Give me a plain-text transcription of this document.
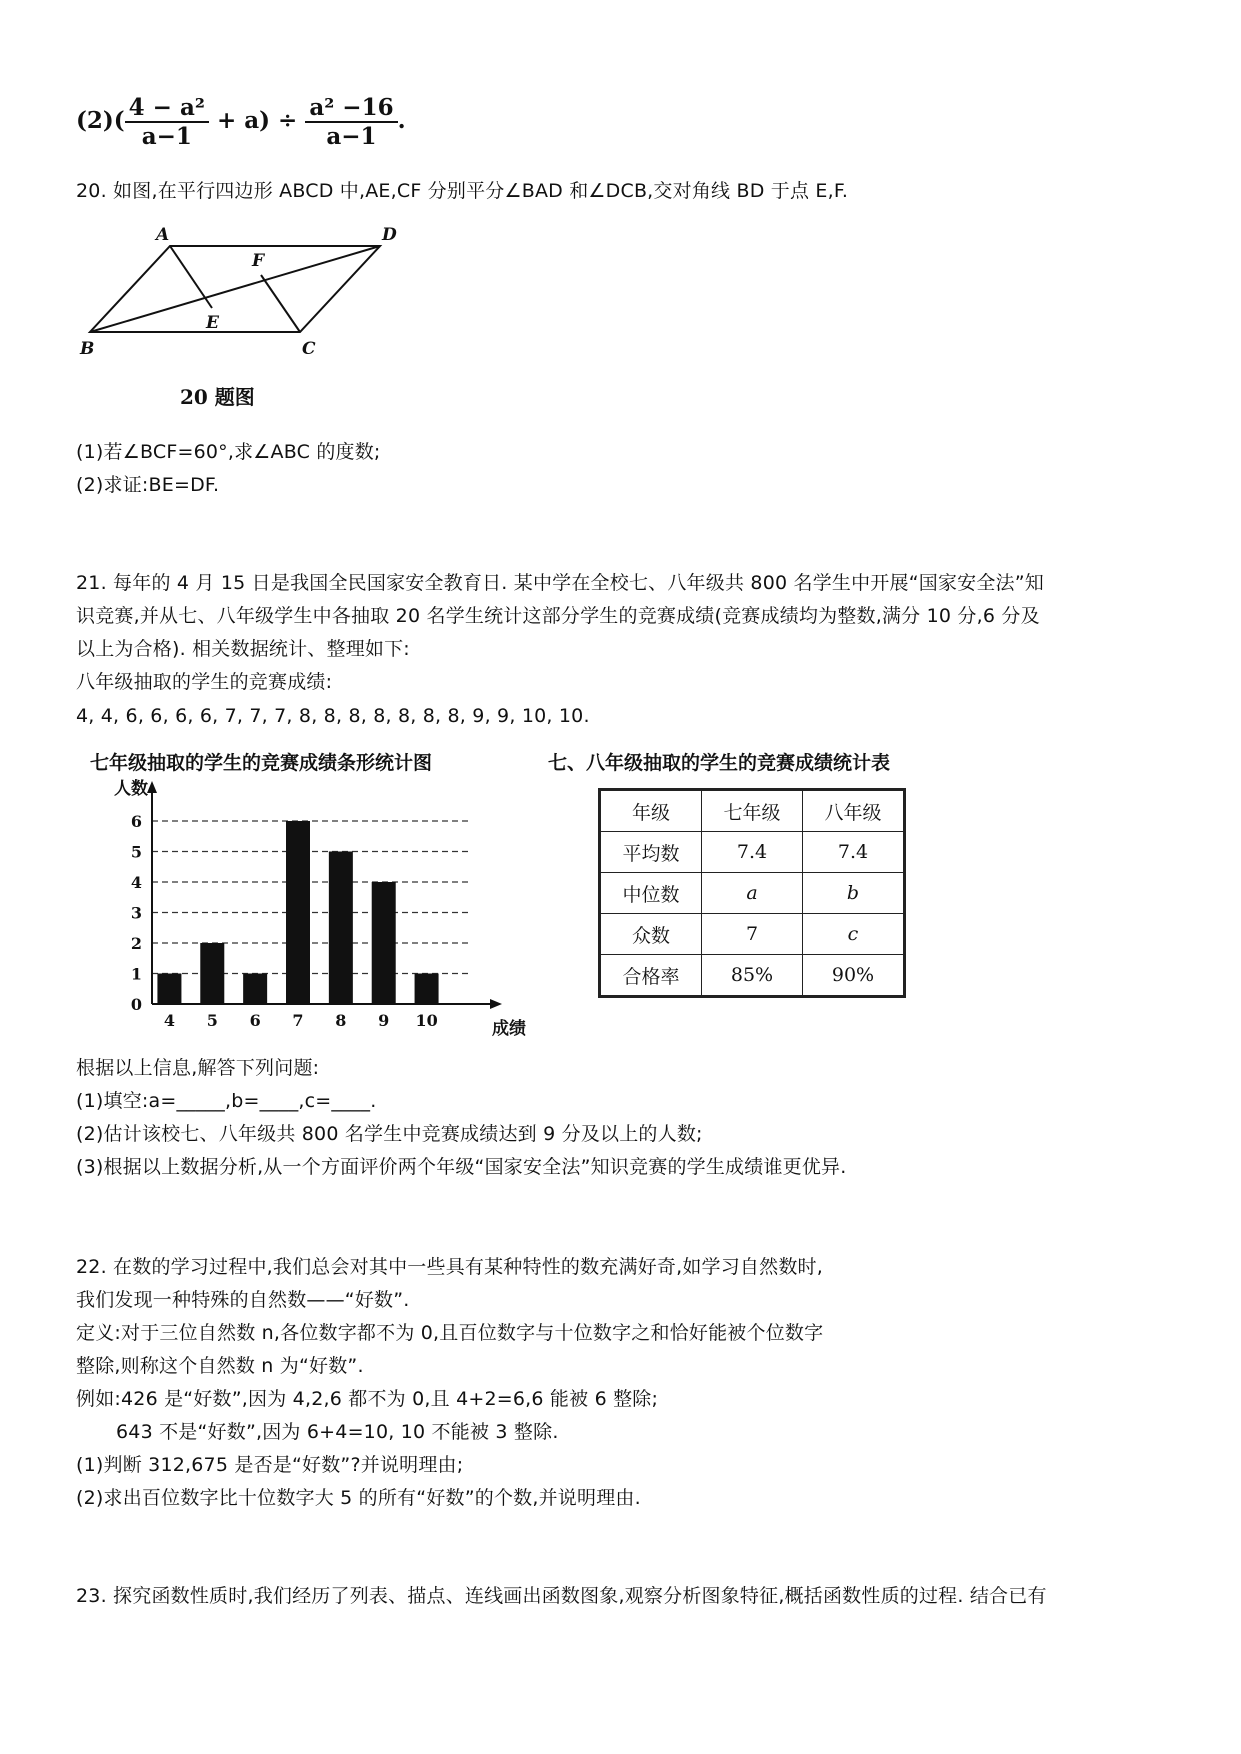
$(2)( \frac{\text{4 − a²}}{a-1} + a) \div \frac{\text{a² −16}}{a-1}$ .
20. 如图,在平行四边形 ABCD 中,AE,CF 分别平分∠BAD 和∠DCB,交对角线 BD 于点 E,F.
A	D
F
E
B	C
20 题图
(1)若∠BCF=60°,求∠ABC 的度数;
(2)求证:BE=DF.
21. 每年的 4 月 15 日是我国全民国家安全教育日. 某中学在全校七、八年级共 800 名学生中开展“国家安全法”知
识竞赛,并从七、八年级学生中各抽取 20 名学生统计这部分学生的竞赛成绩(竞赛成绩均为整数,满分 10 分,6 分及
以上为合格). 相关数据统计、整理如下:
八年级抽取的学生的竞赛成绩:
4, 4, 6, 6, 6, 6, 7, 7, 7, 8, 8, 8, 8, 8, 8, 8, 9, 9, 10, 10.
七年级抽取的学生的竞赛成绩条形统计图
0
1
2
3
4
5
6
4 5 6 7 8 9 10
人数
成绩
七、八年级抽取的学生的竞赛成绩统计表
年级	七年级	八年级
平均数	7.4	7.4
中位数	a	b
众数	7	c
合格率	85%	90%
根据以上信息,解答下列问题:
(1)填空:a=_____,b=____,c=____.
(2)估计该校七、八年级共 800 名学生中竞赛成绩达到 9 分及以上的人数;
(3)根据以上数据分析,从一个方面评价两个年级“国家安全法”知识竞赛的学生成绩谁更优异.
22. 在数的学习过程中,我们总会对其中一些具有某种特性的数充满好奇,如学习自然数时,
我们发现一种特殊的自然数——“好数”.
定义:对于三位自然数 n,各位数字都不为 0,且百位数字与十位数字之和恰好能被个位数字
整除,则称这个自然数 n 为“好数”.
例如:426 是“好数”,因为 4,2,6 都不为 0,且 4+2=6,6 能被 6 整除;
643 不是“好数”,因为 6+4=10, 10 不能被 3 整除.
(1)判断 312,675 是否是“好数”?并说明理由;
(2)求出百位数字比十位数字大 5 的所有“好数”的个数,并说明理由.
23. 探究函数性质时,我们经历了列表、描点、连线画出函数图象,观察分析图象特征,概括函数性质的过程. 结合已有
